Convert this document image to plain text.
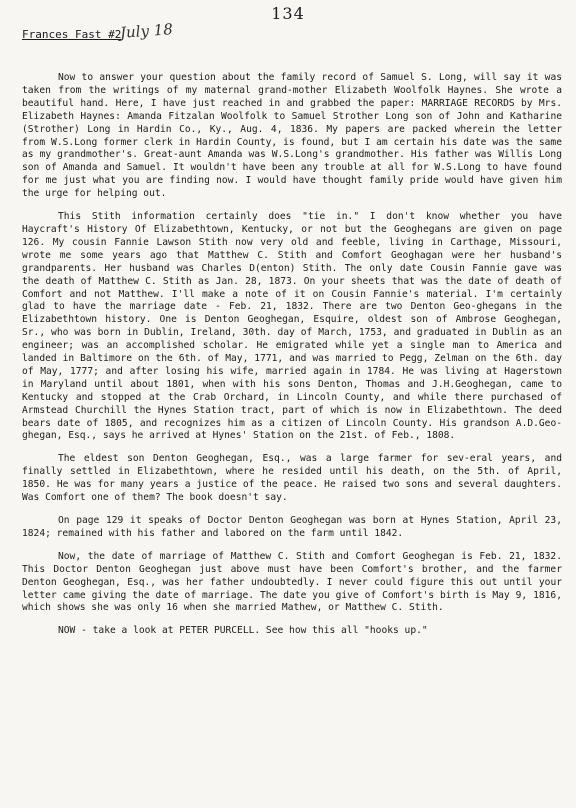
134
Frances Fast #2
July 18

Now to answer your question about the family record of Samuel S. Long, will say it was taken from the writings of my maternal grand-mother Elizabeth Woolfolk Haynes. She wrote a beautiful hand. Here, I have just reached in and grabbed the paper: MARRIAGE RECORDS by Mrs. Elizabeth Haynes: Amanda Fitzalan Woolfolk to Samuel Strother Long son of John and Katharine (Strother) Long in Hardin Co., Ky., Aug. 4, 1836. My papers are packed wherein the letter from W.S.Long former clerk in Hardin County, is found, but I am certain his date was the same as my grandmother's. Great-aunt Amanda was W.S.Long's grandmother. His father was Willis Long son of Amanda and Samuel. It wouldn't have been any trouble at all for W.S.Long to have found for me just what you are finding now. I would have thought family pride would have given him the urge for helping out.

This Stith information certainly does "tie in." I don't know whether you have Haycraft's History Of Elizabethtown, Kentucky, or not but the Geoghegans are given on page 126. My cousin Fannie Lawson Stith now very old and feeble, living in Carthage, Missouri, wrote me some years ago that Matthew C. Stith and Comfort Geoghagan were her husband's grandparents. Her husband was Charles D(enton) Stith. The only date Cousin Fannie gave was the death of Matthew C. Stith as Jan. 28, 1873. On your sheets that was the date of death of Comfort and not Matthew. I'll make a note of it on Cousin Fannie's material. I'm certainly glad to have the marriage date - Feb. 21, 1832. There are two Denton Geo-ghegans in the Elizabethtown history. One is Denton Geoghegan, Esquire, oldest son of Ambrose Geoghegan, Sr., who was born in Dublin, Ireland, 30th. day of March, 1753, and graduated in Dublin as an engineer; was an accomplished scholar. He emigrated while yet a single man to America and landed in Baltimore on the 6th. of May, 1771, and was married to Pegg, Zelman on the 6th. day of May, 1777; and after losing his wife, married again in 1784. He was living at Hagerstown in Maryland until about 1801, when with his sons Denton, Thomas and J.H.Geoghegan, came to Kentucky and stopped at the Crab Orchard, in Lincoln County, and while there purchased of Armstead Churchill the Hynes Station tract, part of which is now in Elizabethtown. The deed bears date of 1805, and recognizes him as a citizen of Lincoln County. His grandson A.D.Geo-ghegan, Esq., says he arrived at Hynes' Station on the 21st. of Feb., 1808.

The eldest son Denton Geoghegan, Esq., was a large farmer for sev-eral years, and finally settled in Elizabethtown, where he resided until his death, on the 5th. of April, 1850. He was for many years a justice of the peace. He raised two sons and several daughters. Was Comfort one of them? The book doesn't say.

On page 129 it speaks of Doctor Denton Geoghegan was born at Hynes Station, April 23, 1824; remained with his father and labored on the farm until 1842.

Now, the date of marriage of Matthew C. Stith and Comfort Geoghegan is Feb. 21, 1832. This Doctor Denton Geoghegan just above must have been Comfort's brother, and the farmer Denton Geoghegan, Esq., was her father undoubtedly. I never could figure this out until your letter came giving the date of marriage. The date you give of Comfort's birth is May 9, 1816, which shows she was only 16 when she married Mathew, or Matthew C. Stith.

NOW - take a look at PETER PURCELL. See how this all "hooks up."
